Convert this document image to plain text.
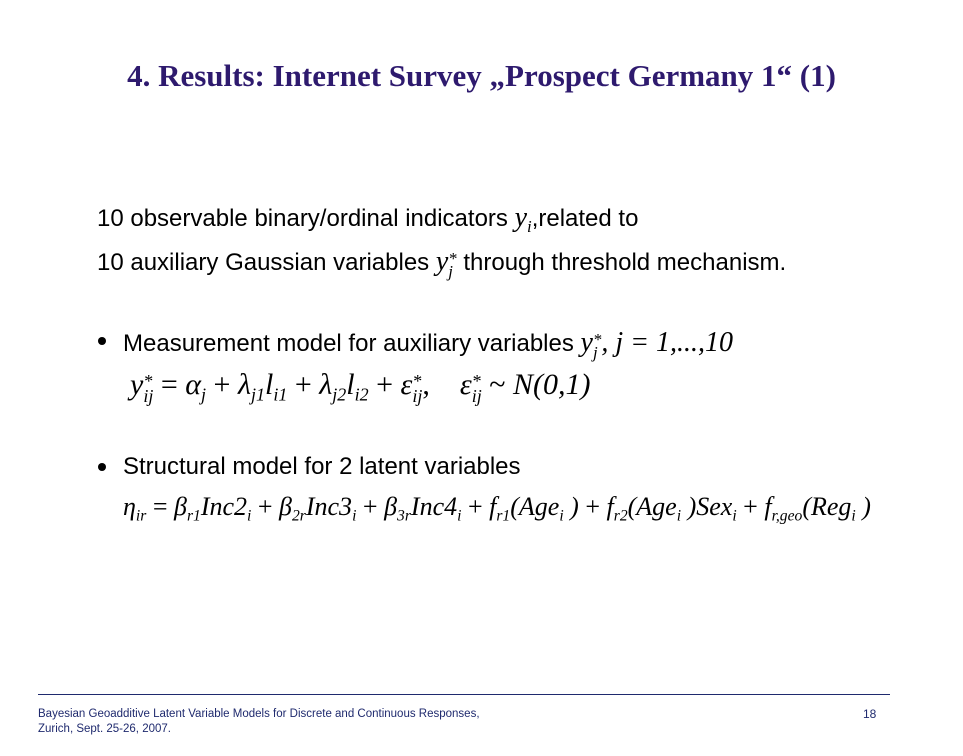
4. Results: Internet Survey „Prospect Germany 1“ (1)
10 observable binary/ordinal indicators $y_i,related$ to
10 auxiliary Gaussian variables y *
j through threshold mechanism.
Measurement model for auxiliary variables y *
j , j = 1,...,10
y *
ij = $\alpha_j + \lambda_{j1}l_{i1} + \lambda_{j2}l_{i2} + \varepsilon$ *
ij ,    ε *
ij ~ N(0,1)
Structural model for 2 latent variables
$\eta_{ir} = \beta_{r1}Inc2_i + \beta_{2r}Inc3_i + \beta_{3r}Inc4_i + f_{r1}(Age_i$ ) + $f_{r2}(Age_i$ )$Sex_i + f_{r,geo}(Reg_i$ )
Bayesian Geoadditive Latent Variable Models for Discrete and Continuous Responses,
Zurich, Sept. 25-26, 2007.
18
